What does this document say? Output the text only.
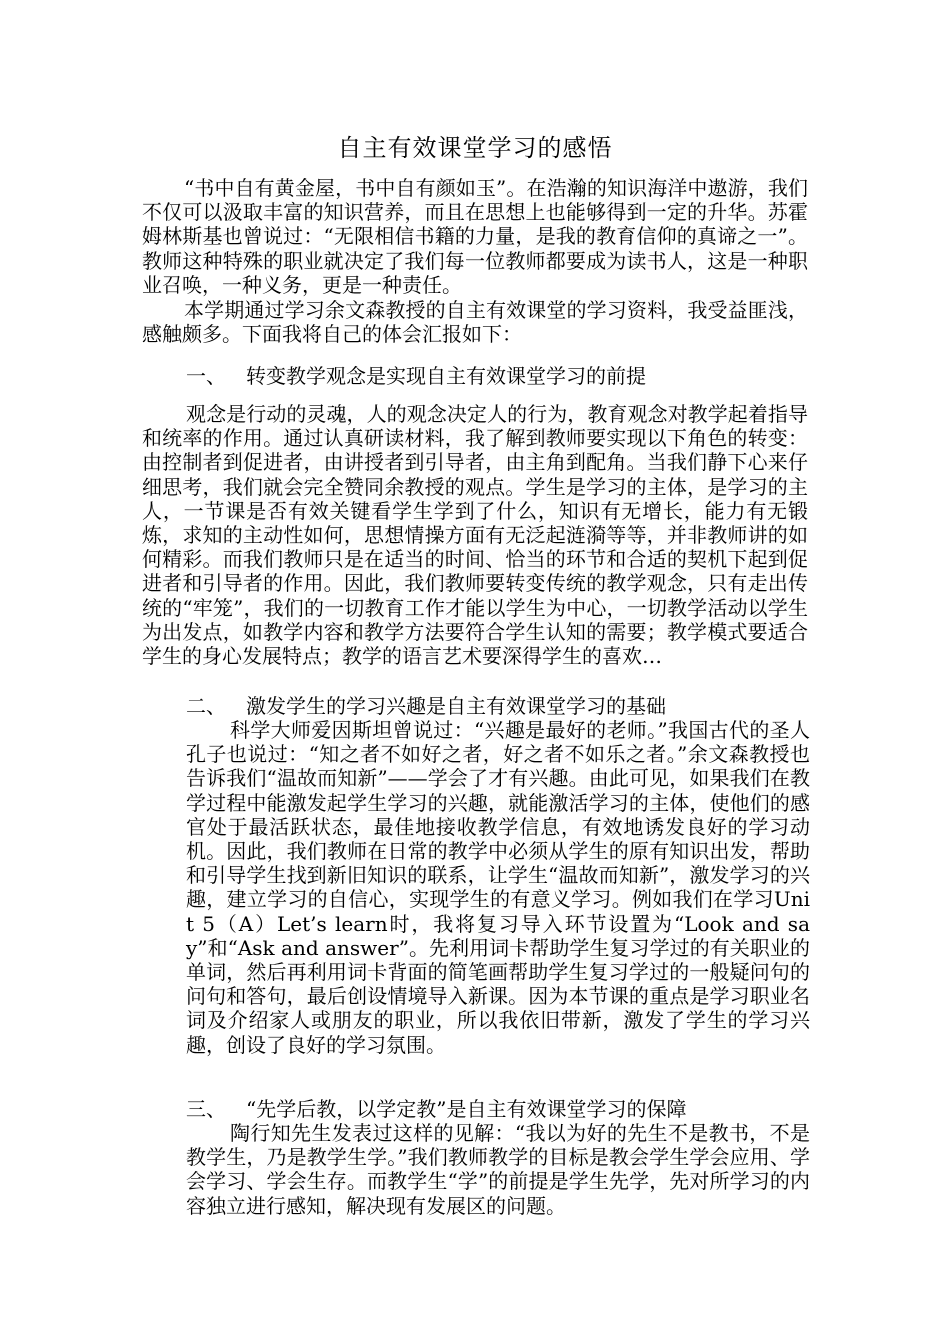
自主有效课堂学习的感悟

“书中自有黄金屋，书中自有颜如玉”。在浩瀚的知识海洋中遨游，我们不仅可以汲取丰富的知识营养，而且在思想上也能够得到一定的升华。苏霍姆林斯基也曾说过：“无限相信书籍的力量，是我的教育信仰的真谛之一”。教师这种特殊的职业就决定了我们每一位教师都要成为读书人，这是一种职业召唤，一种义务，更是一种责任。

本学期通过学习余文森教授的自主有效课堂的学习资料，我受益匪浅，感触颇多。下面我将自己的体会汇报如下：

一、 转变教学观念是实现自主有效课堂学习的前提

观念是行动的灵魂，人的观念决定人的行为，教育观念对教学起着指导和统率的作用。通过认真研读材料，我了解到教师要实现以下角色的转变：由控制者到促进者，由讲授者到引导者，由主角到配角。当我们静下心来仔细思考，我们就会完全赞同余教授的观点。学生是学习的主体，是学习的主人，一节课是否有效关键看学生学到了什么，知识有无增长，能力有无锻炼，求知的主动性如何，思想情操方面有无泛起涟漪等等，并非教师讲的如何精彩。而我们教师只是在适当的时间、恰当的环节和合适的契机下起到促进者和引导者的作用。因此，我们教师要转变传统的教学观念，只有走出传统的“牢笼”，我们的一切教育工作才能以学生为中心，一切教学活动以学生为出发点，如教学内容和教学方法要符合学生认知的需要；教学模式要适合学生的身心发展特点；教学的语言艺术要深得学生的喜欢…

二、 激发学生的学习兴趣是自主有效课堂学习的基础

科学大师爱因斯坦曾说过：“兴趣是最好的老师。”我国古代的圣人孔子也说过：“知之者不如好之者，好之者不如乐之者。”余文森教授也告诉我们“温故而知新”——学会了才有兴趣。由此可见，如果我们在教学过程中能激发起学生学习的兴趣，就能激活学习的主体，使他们的感官处于最活跃状态，最佳地接收教学信息，有效地诱发良好的学习动机。因此，我们教师在日常的教学中必须从学生的原有知识出发，帮助和引导学生找到新旧知识的联系，让学生“温故而知新”，激发学习的兴趣，建立学习的自信心，实现学生的有意义学习。例如我们在学习Unit 5（A）Let’s learn时，我将复习导入环节设置为“Look and say”和“Ask and answer”。先利用词卡帮助学生复习学过的有关职业的单词，然后再利用词卡背面的简笔画帮助学生复习学过的一般疑问句的问句和答句，最后创设情境导入新课。因为本节课的重点是学习职业名词及介绍家人或朋友的职业，所以我依旧带新，激发了学生的学习兴趣，创设了良好的学习氛围。

三、 “先学后教，以学定教”是自主有效课堂学习的保障

陶行知先生发表过这样的见解：“我以为好的先生不是教书，不是教学生，乃是教学生学。”我们教师教学的目标是教会学生学会应用、学会学习、学会生存。而教学生“学”的前提是学生先学，先对所学习的内容独立进行感知，解决现有发展区的问题。
